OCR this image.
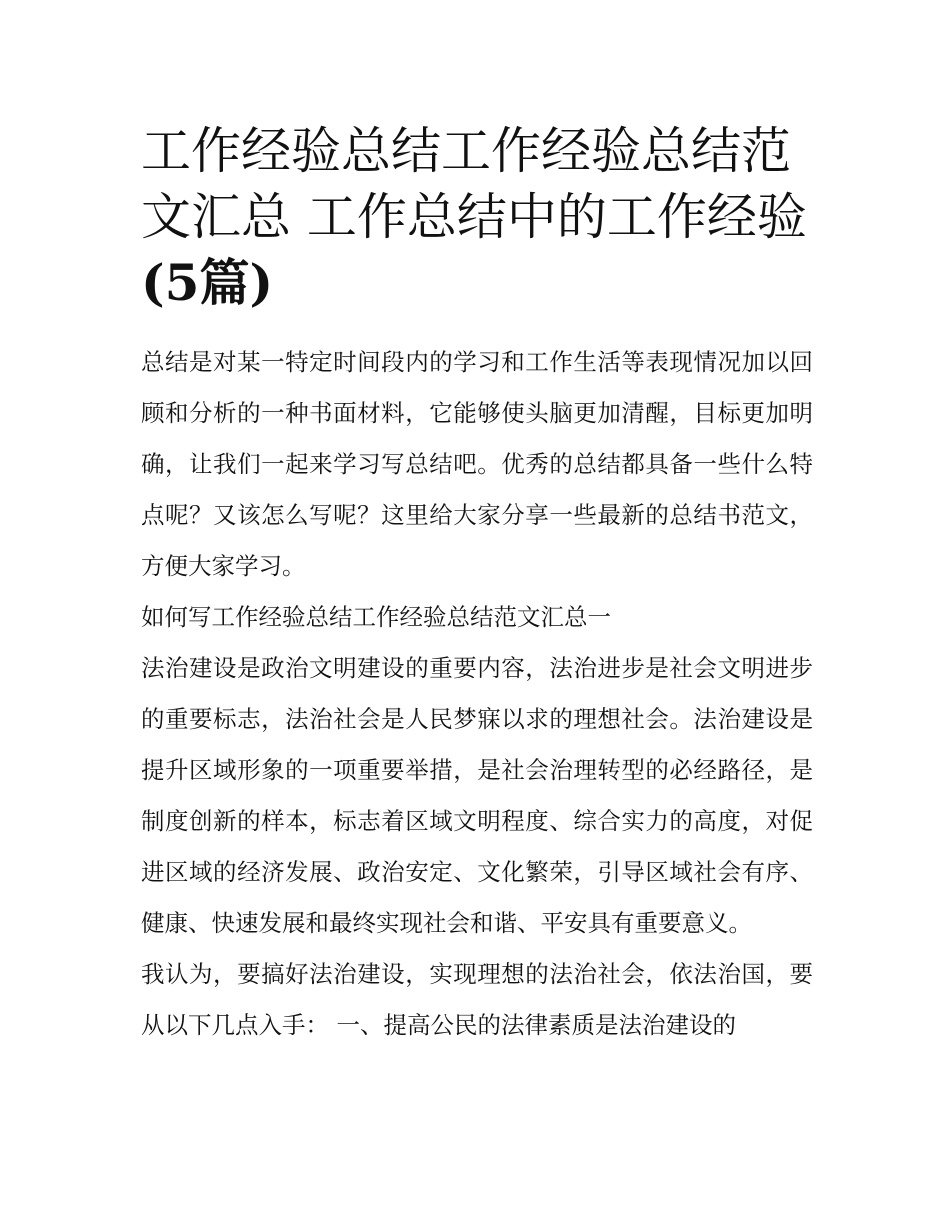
工作经验总结工作经验总结范文汇总 工作总结中的工作经验
(5篇)

总结是对某一特定时间段内的学习和工作生活等表现情况加以回顾和分析的一种书面材料，它能够使头脑更加清醒，目标更加明确，让我们一起来学习写总结吧。优秀的总结都具备一些什么特点呢？又该怎么写呢？这里给大家分享一些最新的总结书范文，方便大家学习。

如何写工作经验总结工作经验总结范文汇总一

法治建设是政治文明建设的重要内容，法治进步是社会文明进步的重要标志，法治社会是人民梦寐以求的理想社会。法治建设是提升区域形象的一项重要举措，是社会治理转型的必经路径，是制度创新的样本，标志着区域文明程度、综合实力的高度，对促进区域的经济发展、政治安定、文化繁荣，引导区域社会有序、健康、快速发展和最终实现社会和谐、平安具有重要意义。

我认为，要搞好法治建设，实现理想的法治社会，依法治国，要从以下几点入手： 一、提高公民的法律素质是法治建设的
